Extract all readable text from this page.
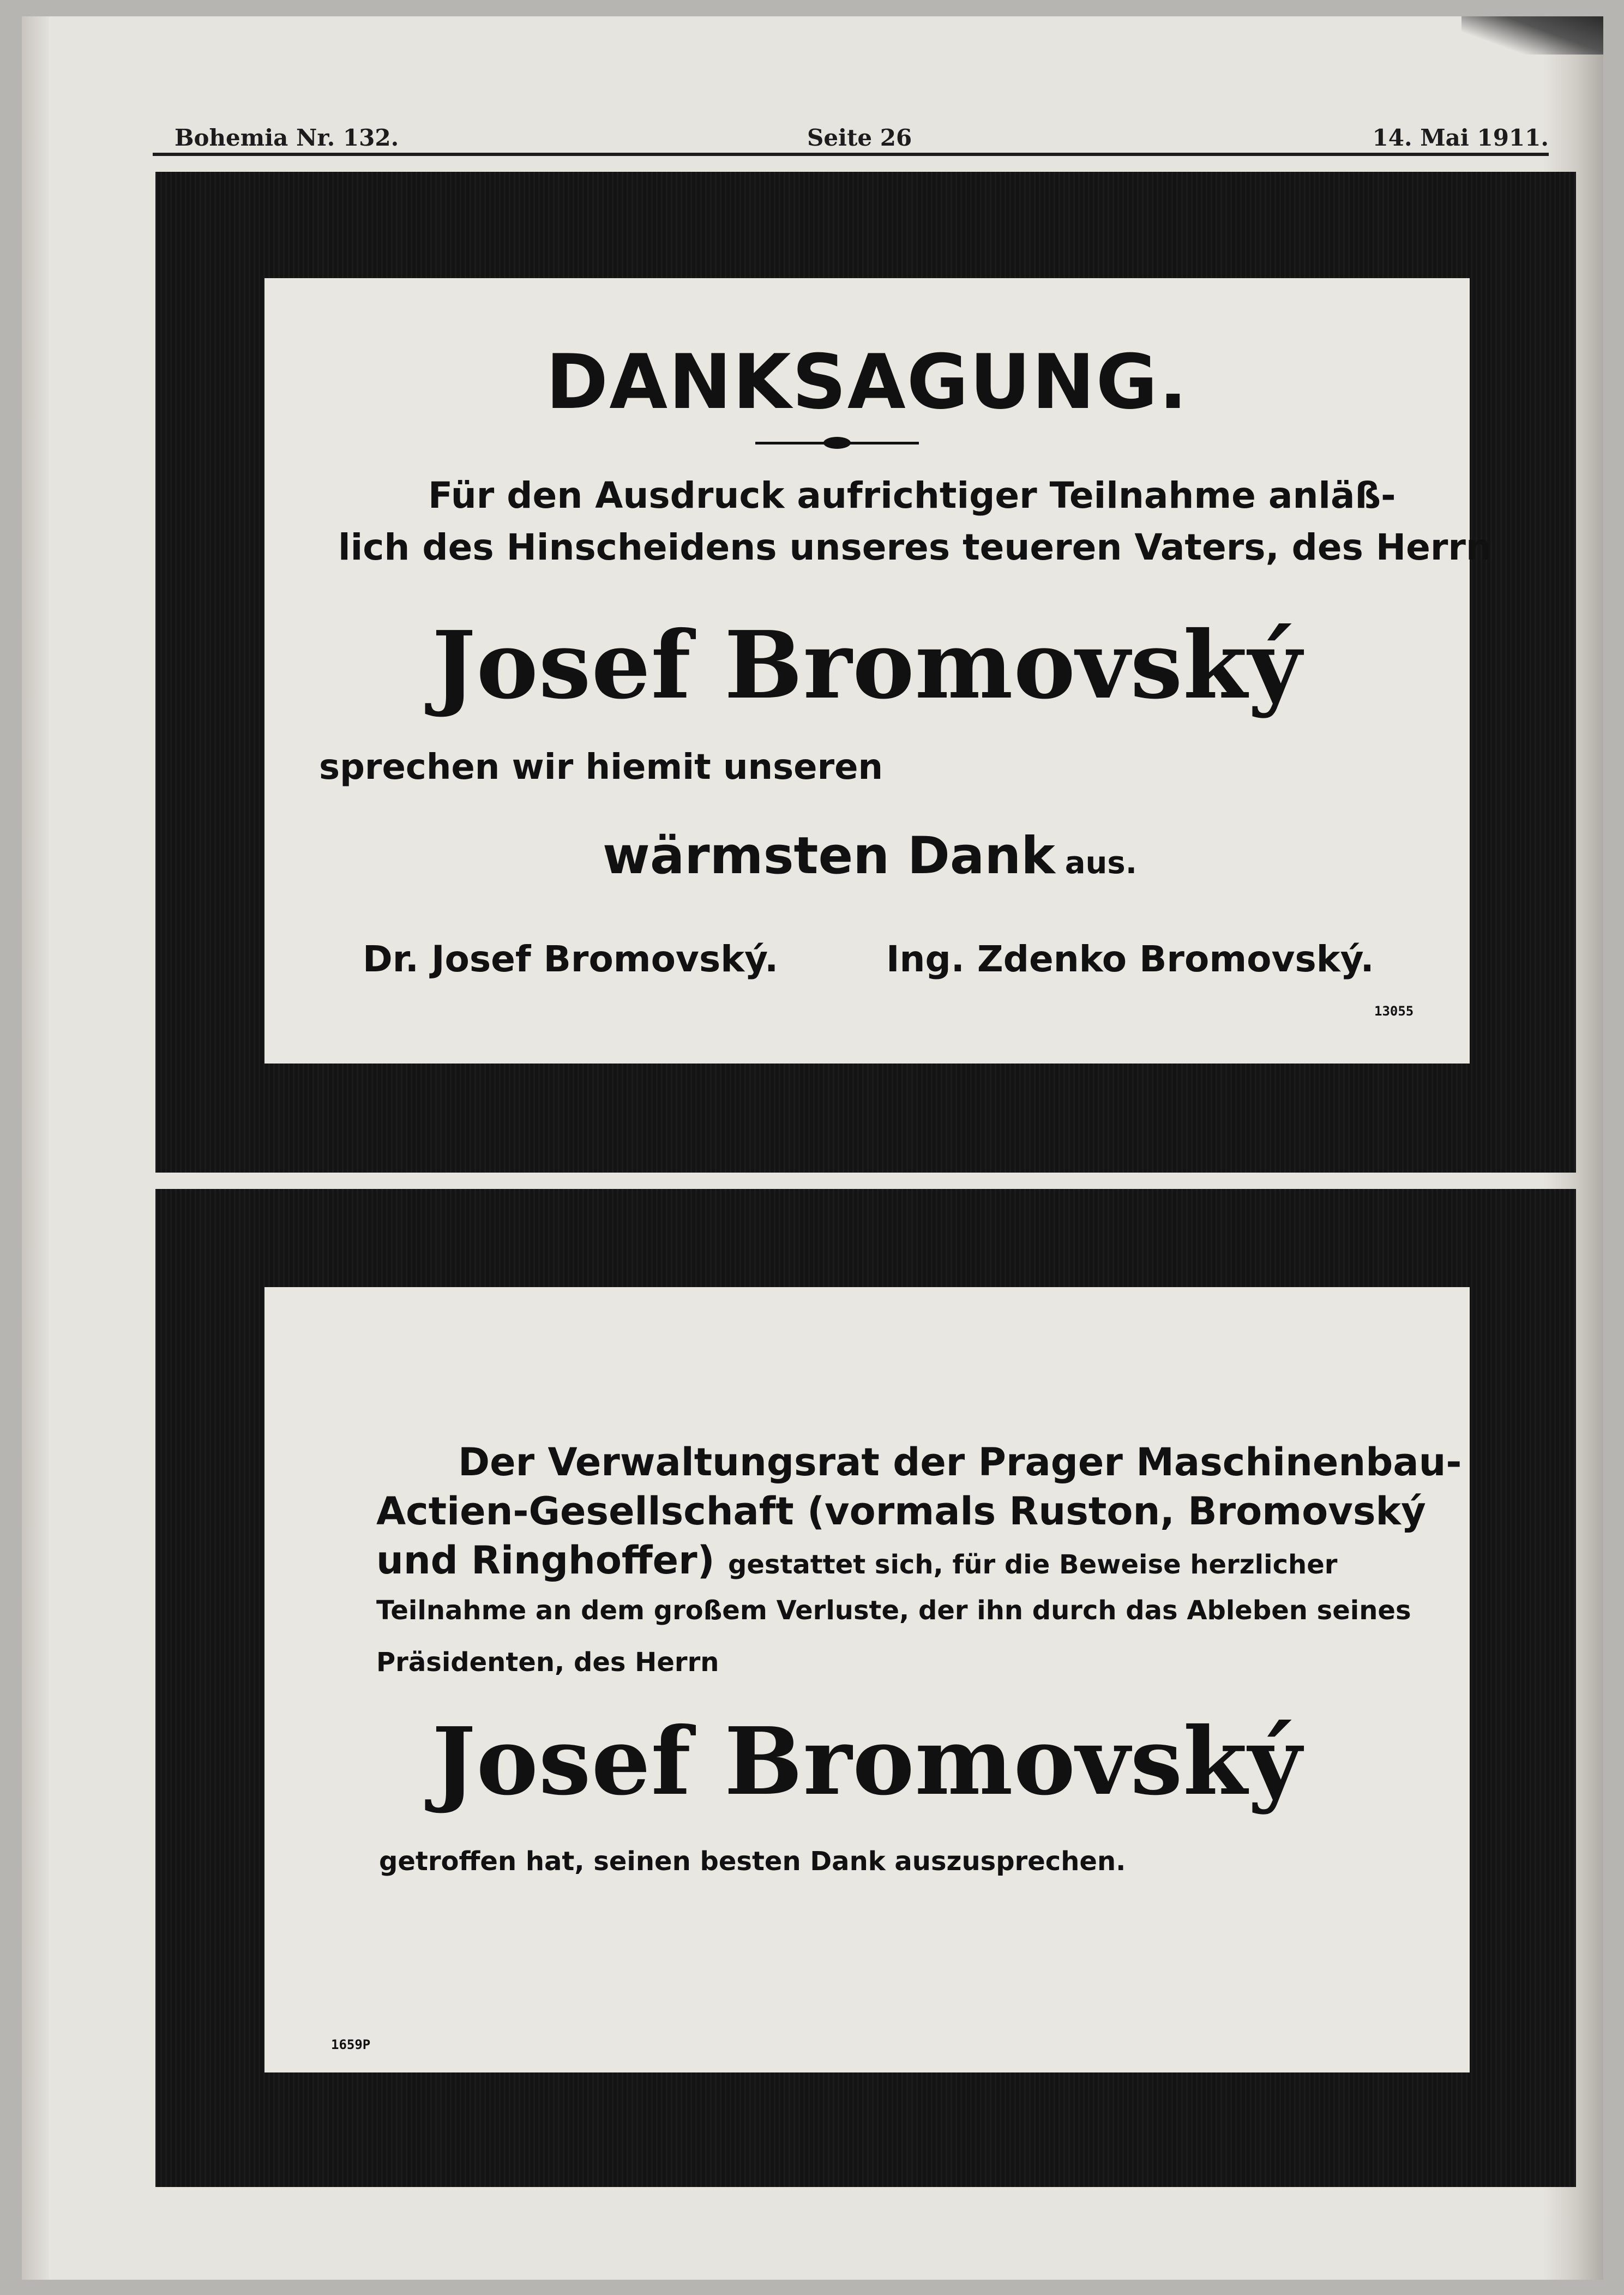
Bohemia Nr. 132.	Seite 26	14. Mai 1911.
DANKSAGUNG.
Für den Ausdruck aufrichtiger Teilnahme anläß-
lich des Hinscheidens unseres teueren Vaters, des Herrn
Josef Bromovský
sprechen wir hiemit unseren
wärmsten Dank aus.
Dr. Josef Bromovský.	Ing. Zdenko Bromovský.
13055
Der Verwaltungsrat der Prager Maschinenbau-
Actien-Gesellschaft (vormals Ruston, Bromovský
und Ringhoffer) gestattet sich, für die Beweise herzlicher
Teilnahme an dem großem Verluste, der ihn durch das Ableben seines
Präsidenten, des Herrn
Josef Bromovský
getroffen hat, seinen besten Dank auszusprechen.
1659P
